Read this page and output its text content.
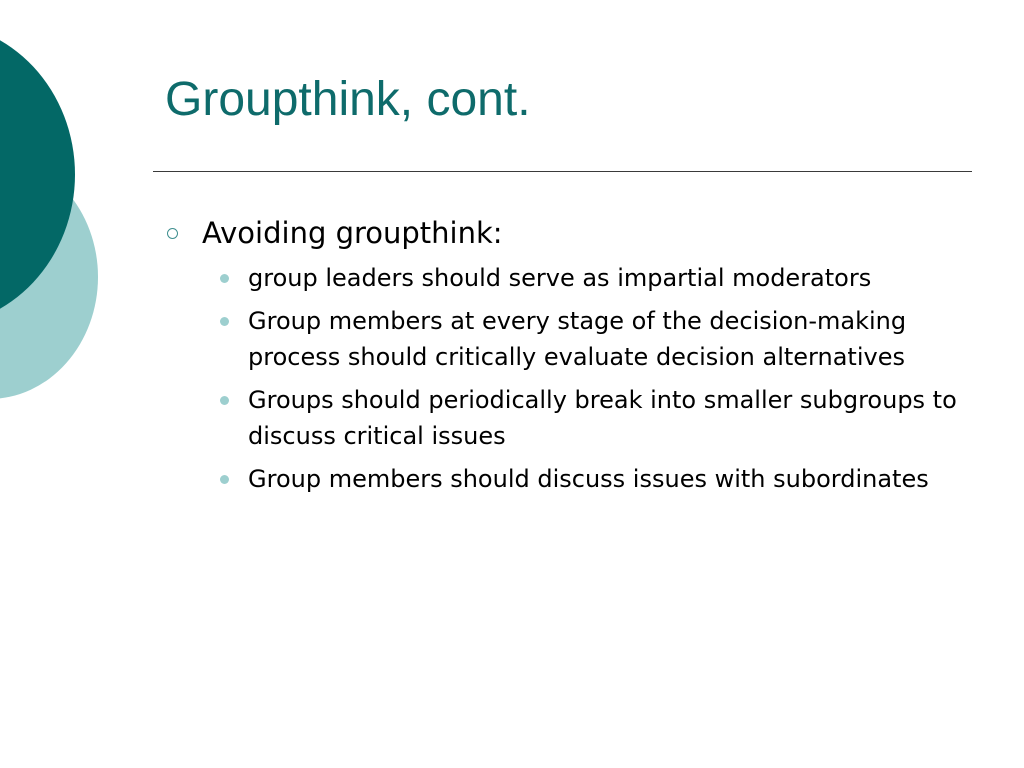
Groupthink, cont.
Avoiding groupthink:
group leaders should serve as impartial moderators
Group members at every stage of the decision-making process should critically evaluate decision alternatives
Groups should periodically break into smaller subgroups to discuss critical issues
Group members should discuss issues with subordinates
